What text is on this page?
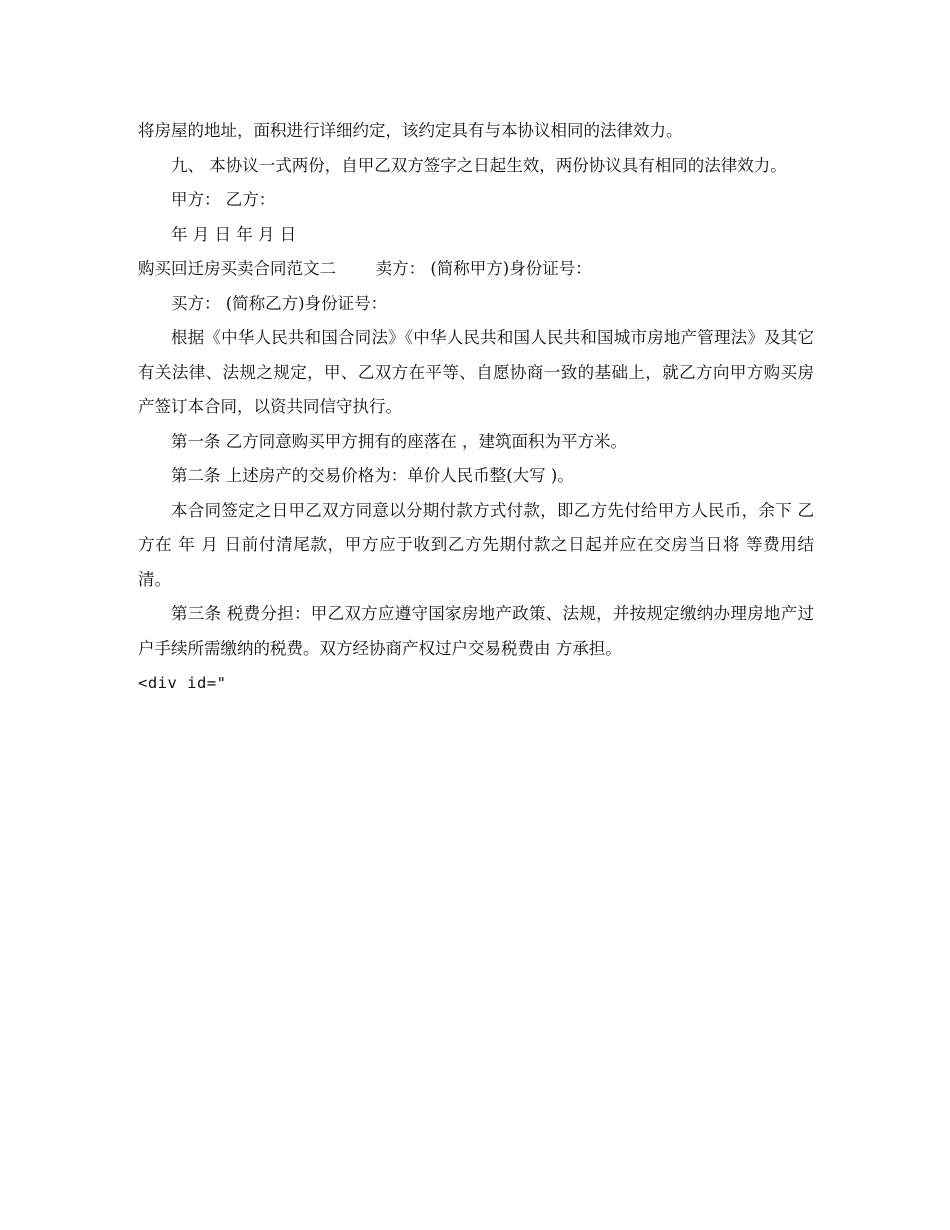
将房屋的地址，面积进行详细约定，该约定具有与本协议相同的法律效力。

九、 本协议一式两份，自甲乙双方签字之日起生效，两份协议具有相同的法律效力。

甲方： 乙方：

年 月 日 年 月 日

购买回迁房买卖合同范文二 卖方： (简称甲方)身份证号：

买方： (简称乙方)身份证号：

根据《中华人民共和国合同法》《中华人民共和国人民共和国城市房地产管理法》及其它有关法律、法规之规定，甲、乙双方在平等、自愿协商一致的基础上，就乙方向甲方购买房产签订本合同，以资共同信守执行。

第一条 乙方同意购买甲方拥有的座落在 ，建筑面积为平方米。

第二条 上述房产的交易价格为：单价人民币整(大写 )。

本合同签定之日甲乙双方同意以分期付款方式付款，即乙方先付给甲方人民币，余下 乙方在 年 月 日前付清尾款，甲方应于收到乙方先期付款之日起并应在交房当日将 等费用结清。

第三条 税费分担：甲乙双方应遵守国家房地产政策、法规，并按规定缴纳办理房地产过户手续所需缴纳的税费。双方经协商产权过户交易税费由 方承担。

<div id="
